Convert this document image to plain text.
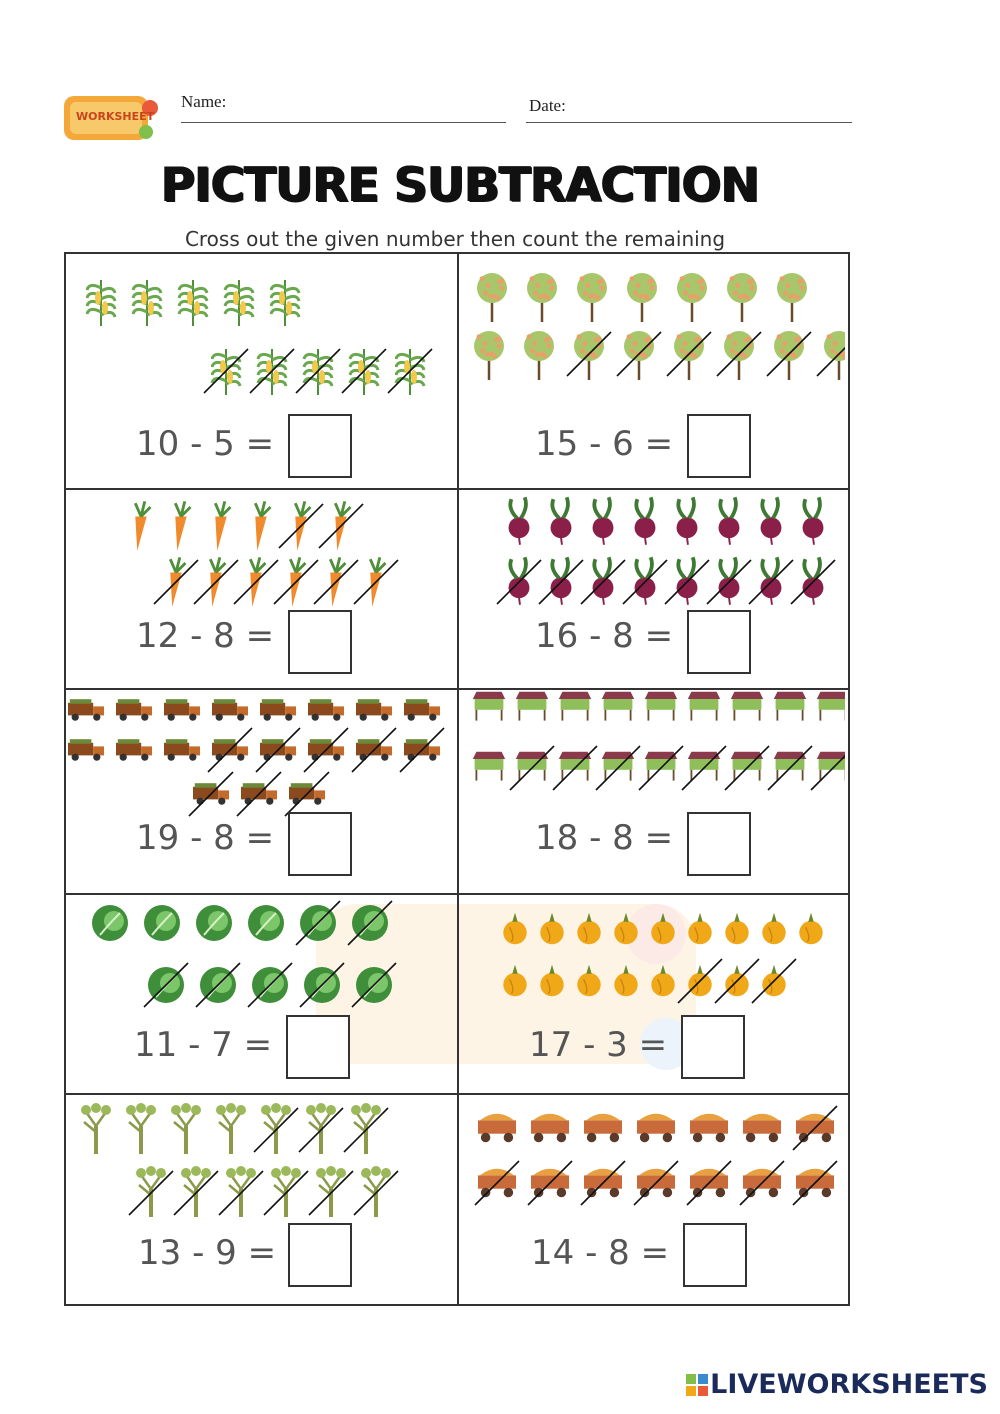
WORKSHEET
Name:	Date:
PICTURE SUBTRACTION
Cross out the given number then count the remaining
10 - 5 =	15 - 6 =
12 - 8 =	16 - 8 =
19 - 8 =	18 - 8 =
11 - 7 =	17 - 3 =
13 - 9 =	14 - 8 =
LIVEWORKSHEETS
